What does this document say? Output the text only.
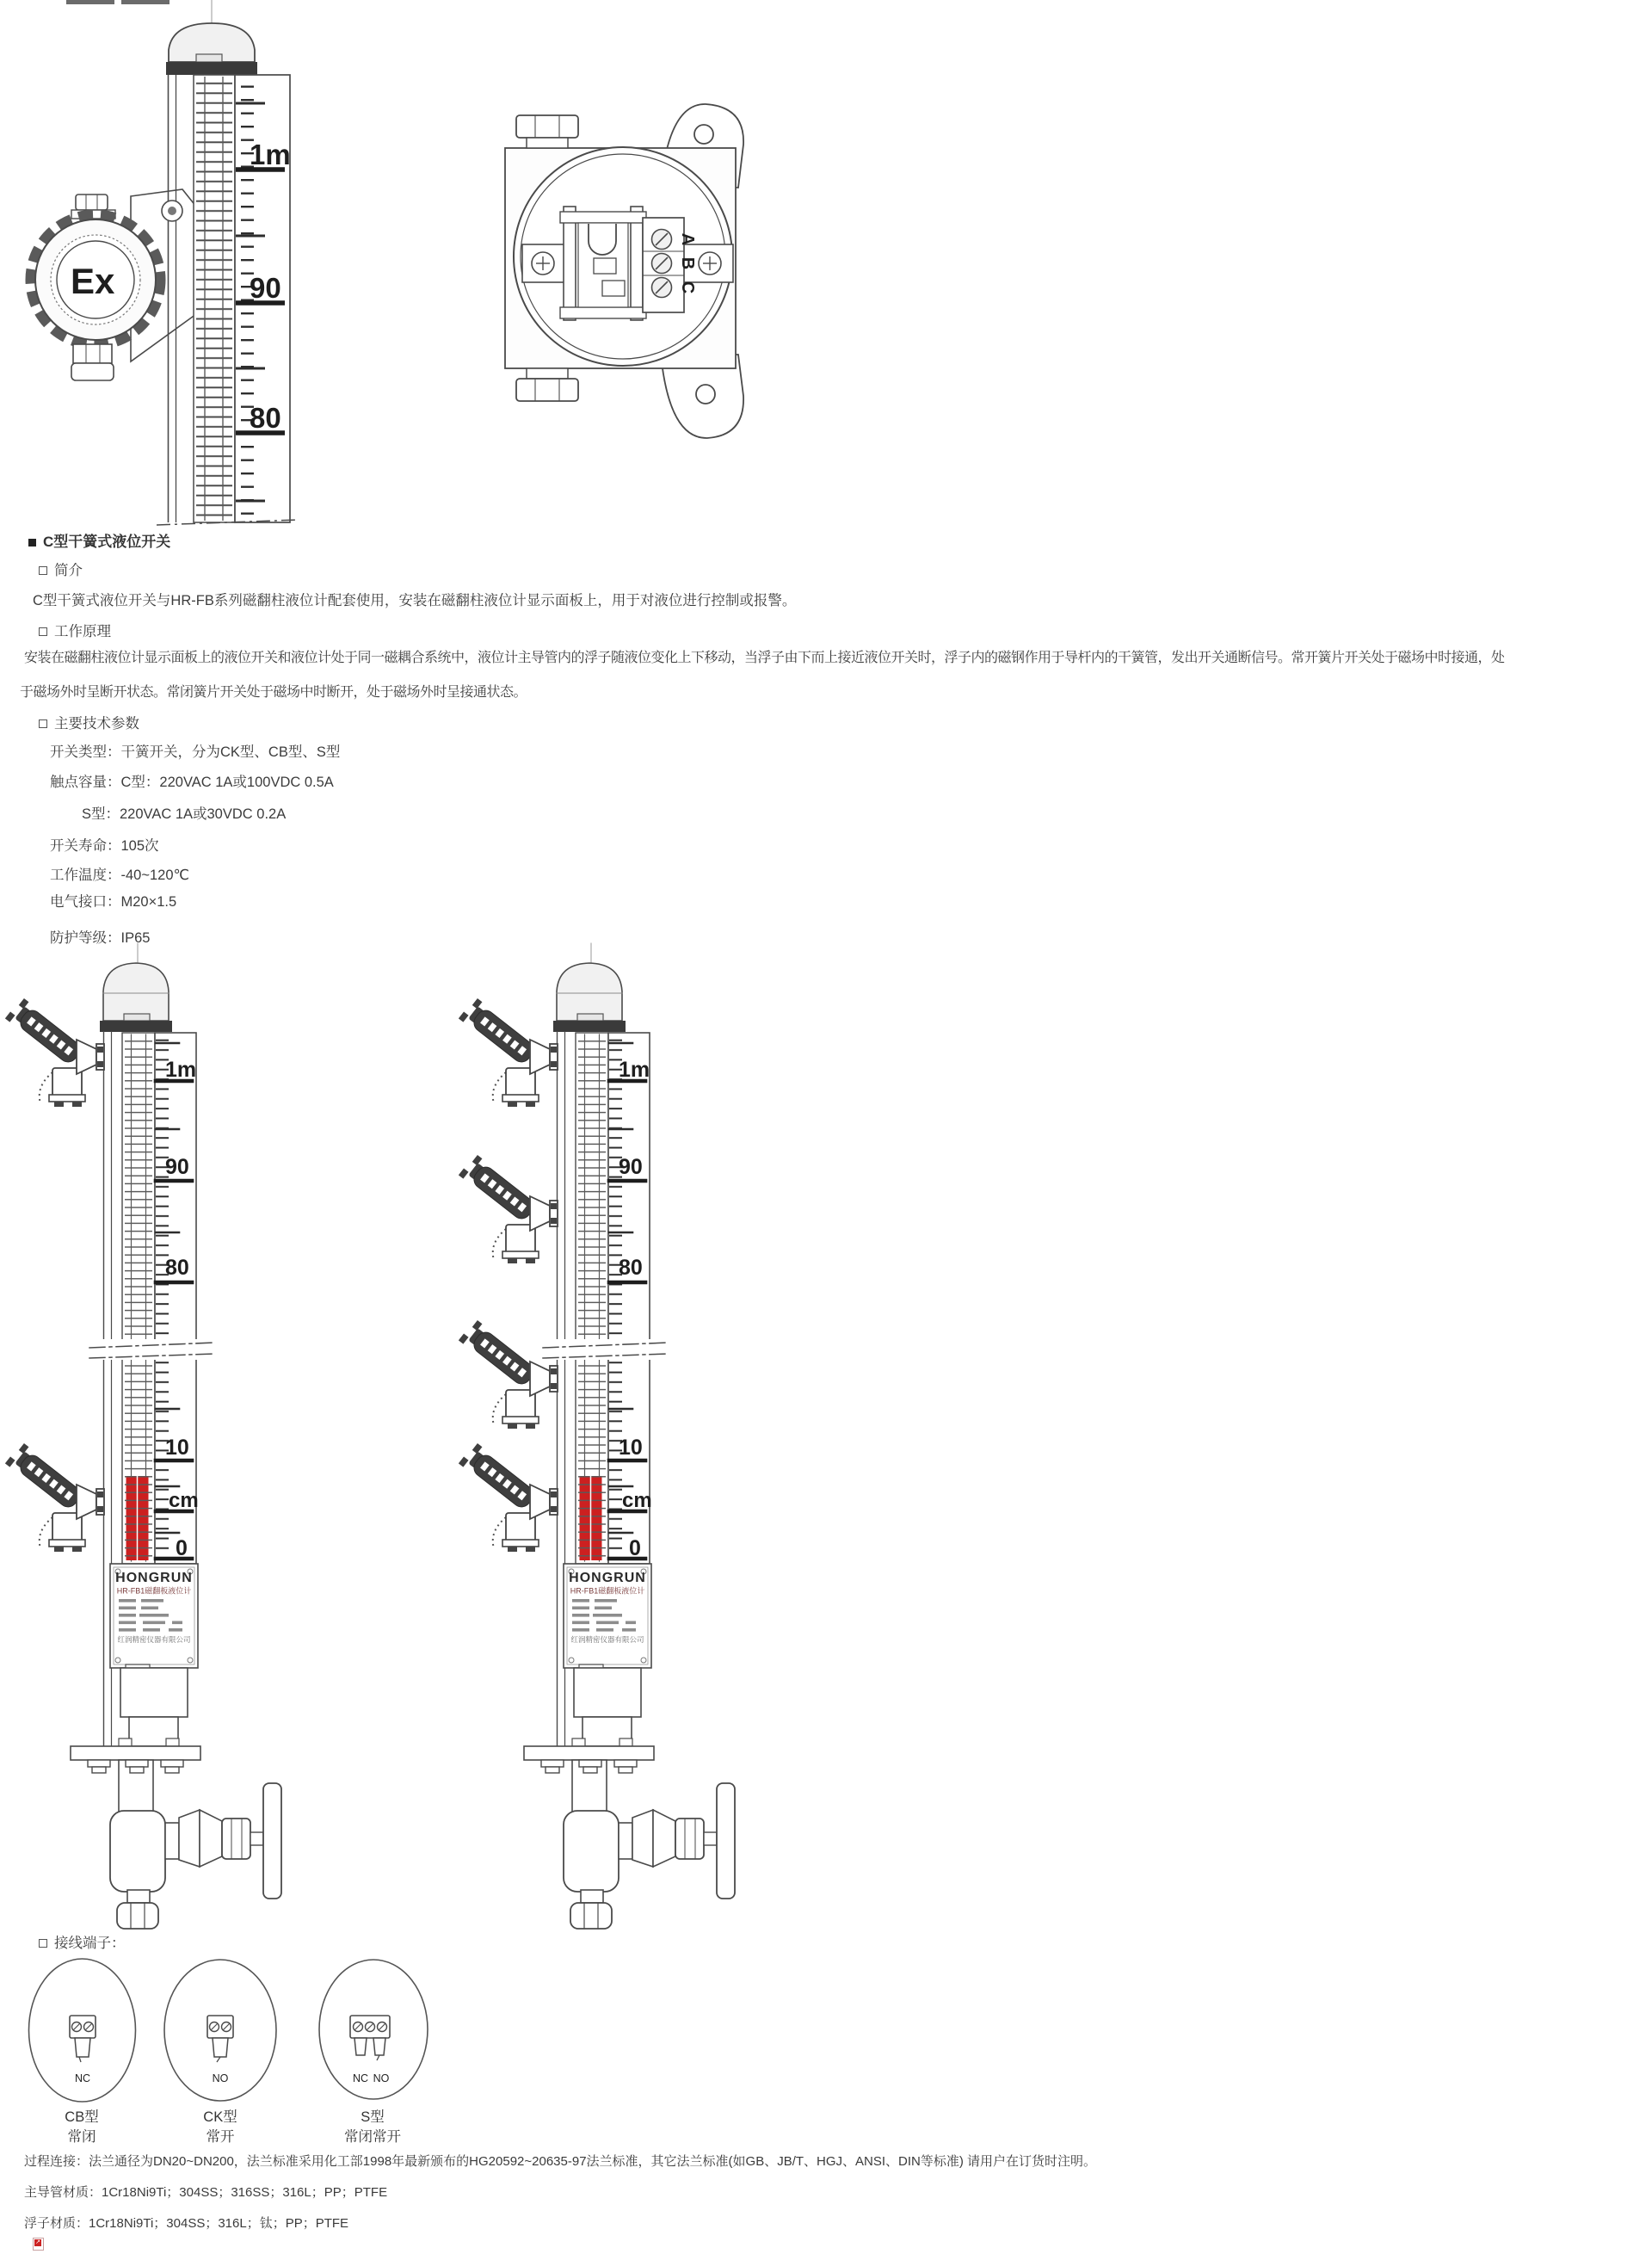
1m
90
80
Ex
A
B
C
1m
90
80
10
cm
0
HONGRUN
HR-FB1磁翻板液位计
红润精密仪器有限公司
1m
90
80
10
cm
0
HONGRUN
HR-FB1磁翻板液位计
红润精密仪器有限公司
NC	NO	NC NO
C型干簧式液位开关
简介
C型干簧式液位开关与HR-FB系列磁翻柱液位计配套使用，安装在磁翻柱液位计显示面板上，用于对液位进行控制或报警。
工作原理
安装在磁翻柱液位计显示面板上的液位开关和液位计处于同一磁耦合系统中，液位计主导管内的浮子随液位变化上下移动，当浮子由下而上接近液位开关时，浮子内的磁钢作用于导杆内的干簧管，发出开关通断信号。常开簧片开关处于磁场中时接通，处
于磁场外时呈断开状态。常闭簧片开关处于磁场中时断开，处于磁场外时呈接通状态。
主要技术参数
开关类型：干簧开关，分为CK型、CB型、S型
触点容量：C型：220VAC 1A或100VDC 0.5A
S型：220VAC 1A或30VDC 0.2A
开关寿命：105次
工作温度：-40~120℃
电气接口：M20×1.5
防护等级：IP65
接线端子：
CB型
常闭
CK型
常开
S型
常闭常开
过程连接：法兰通径为DN20~DN200，法兰标准采用化工部1998年最新颁布的HG20592~20635-97法兰标准，其它法兰标准(如GB、JB/T、HGJ、ANSI、DIN等标准) 请用户在订货时注明。
主导管材质：1Cr18Ni9Ti；304SS；316SS；316L；PP；PTFE
浮子材质：1Cr18Ni9Ti；304SS；316L；钛；PP；PTFE
↗
